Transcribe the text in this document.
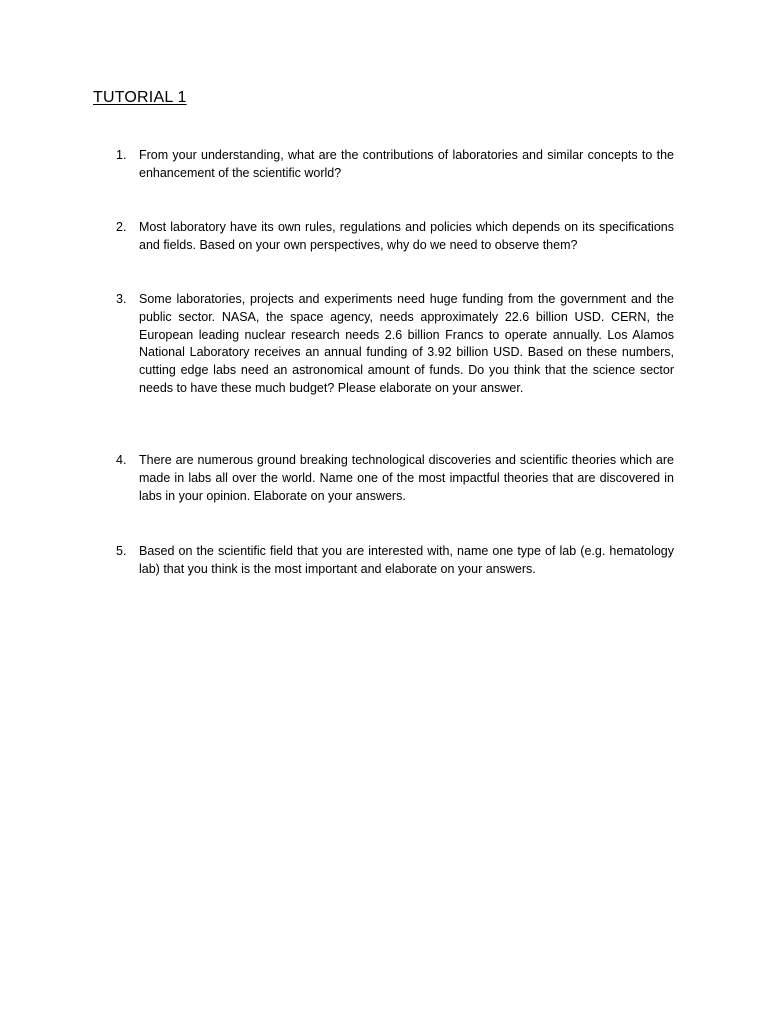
TUTORIAL 1
1.	From your understanding, what are the contributions of laboratories and similar concepts to the enhancement of the scientific world?
2.	Most laboratory have its own rules, regulations and policies which depends on its specifications and fields. Based on your own perspectives, why do we need to observe them?
3.	Some laboratories, projects and experiments need huge funding from the government and the public sector. NASA, the space agency, needs approximately 22.6 billion USD. CERN, the European leading nuclear research needs 2.6 billion Francs to operate annually. Los Alamos National Laboratory receives an annual funding of 3.92 billion USD. Based on these numbers, cutting edge labs need an astronomical amount of funds. Do you think that the science sector needs to have these much budget? Please elaborate on your answer.
4.	There are numerous ground breaking technological discoveries and scientific theories which are made in labs all over the world. Name one of the most impactful theories that are discovered in labs in your opinion. Elaborate on your answers.
5.	Based on the scientific field that you are interested with, name one type of lab (e.g. hematology lab) that you think is the most important and elaborate on your answers.
